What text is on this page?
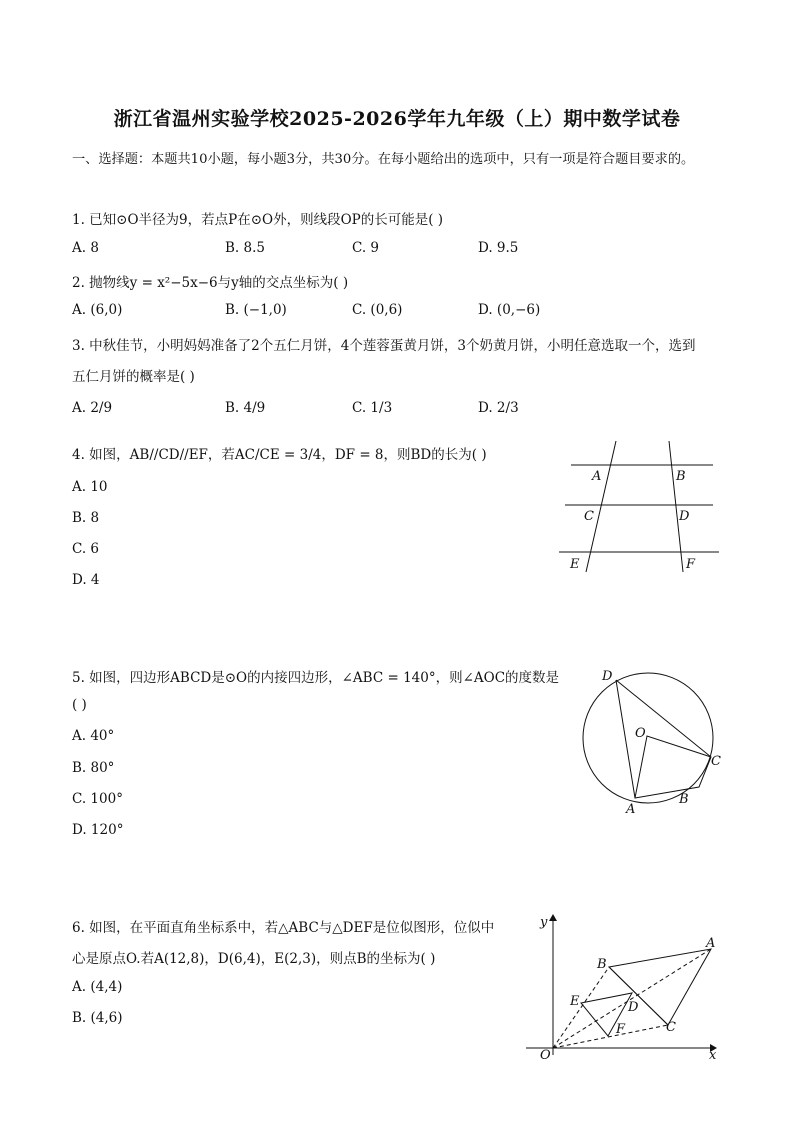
浙江省温州实验学校2025-2026学年九年级（上）期中数学试卷
一、选择题：本题共10小题，每小题3分，共30分。在每小题给出的选项中，只有一项是符合题目要求的。
1. 已知⊙O半径为9，若点P在⊙O外，则线段OP的长可能是( )
A. 8	B. 8.5	C. 9	D. 9.5
2. 抛物线y = x²−5x−6与y轴的交点坐标为( )
A. (6,0)	B. (−1,0)	C. (0,6)	D. (0,−6)
3. 中秋佳节，小明妈妈准备了2个五仁月饼，4个莲蓉蛋黄月饼，3个奶黄月饼，小明任意选取一个，选到
五仁月饼的概率是( )
A. 2/9	B. 4/9	C. 1/3	D. 2/3
4. 如图，AB//CD//EF，若AC/CE = 3/4，DF = 8，则BD的长为( )
A. 10
B. 8
C. 6
D. 4
A	B
C	D
E	F
5. 如图，四边形ABCD是⊙O的内接四边形，∠ABC = 140°，则∠AOC的度数是
( )
A. 40°
B. 80°
C. 100°
D. 120°
D
O
C
A
B
6. 如图，在平面直角坐标系中，若△ABC与△DEF是位似图形，位似中
心是原点O.若A(12,8)，D(6,4)，E(2,3)，则点B的坐标为( )
A. (4,4)
B. (4,6)
y
A
B
E	D
F	C
O	x
